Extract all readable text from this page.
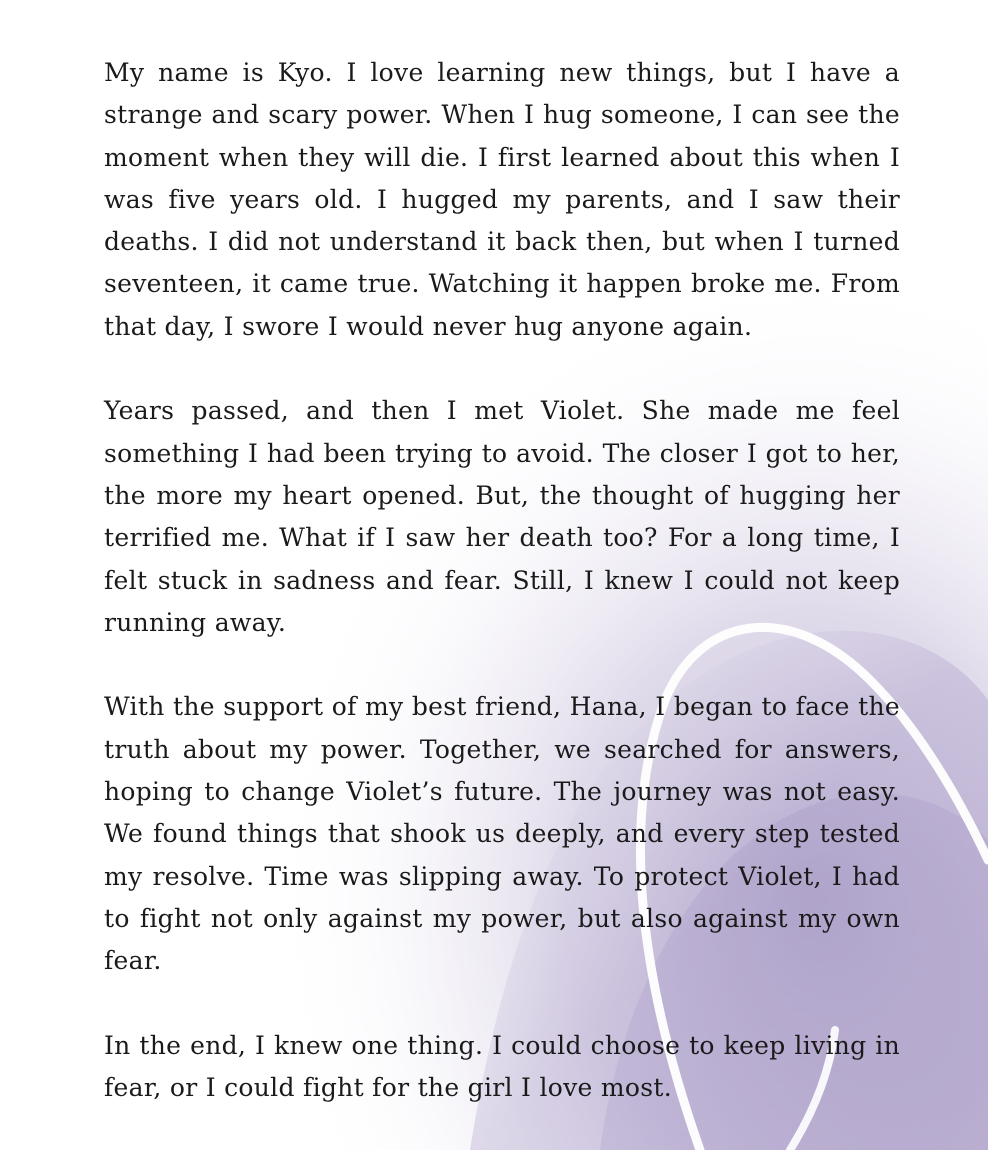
My name is Kyo. I love learning new things, but I have a strange and scary power. When I hug someone, I can see the moment when they will die. I first learned about this when I was five years old. I hugged my parents, and I saw their deaths. I did not understand it back then, but when I turned seventeen, it came true. Watching it happen broke me. From that day, I swore I would never hug anyone again.

Years passed, and then I met Violet. She made me feel something I had been trying to avoid. The closer I got to her, the more my heart opened. But, the thought of hugging her terrified me. What if I saw her death too? For a long time, I felt stuck in sadness and fear. Still, I knew I could not keep running away.

With the support of my best friend, Hana, I began to face the truth about my power. Together, we searched for answers, hoping to change Violet’s future. The journey was not easy. We found things that shook us deeply, and every step tested my resolve. Time was slipping away. To protect Violet, I had to fight not only against my power, but also against my own fear.

In the end, I knew one thing. I could choose to keep living in fear, or I could fight for the girl I love most.
